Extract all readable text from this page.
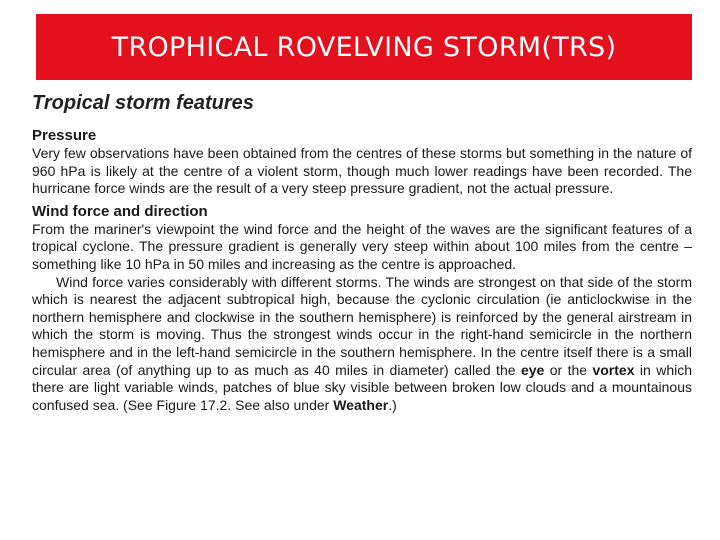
TROPHICAL ROVELVING STORM(TRS)
Tropical storm features
Pressure

Very few observations have been obtained from the centres of these storms but something in the nature of 960 hPa is likely at the centre of a violent storm, though much lower readings have been recorded. The hurricane force winds are the result of a very steep pressure gradient, not the actual pressure.

Wind force and direction

From the mariner's viewpoint the wind force and the height of the waves are the significant features of a tropical cyclone. The pressure gradient is generally very steep within about 100 miles from the centre – something like 10 hPa in 50 miles and increasing as the centre is approached.

Wind force varies considerably with different storms. The winds are strongest on that side of the storm which is nearest the adjacent subtropical high, because the cyclonic circulation (ie anticlockwise in the northern hemisphere and clockwise in the southern hemisphere) is reinforced by the general airstream in which the storm is moving. Thus the strongest winds occur in the right-hand semicircle in the northern hemisphere and in the left-hand semicircle in the southern hemisphere. In the centre itself there is a small circular area (of anything up to as much as 40 miles in diameter) called the eye or the vortex in which there are light variable winds, patches of blue sky visible between broken low clouds and a mountainous confused sea. (See Figure 17.2. See also under Weather.)
